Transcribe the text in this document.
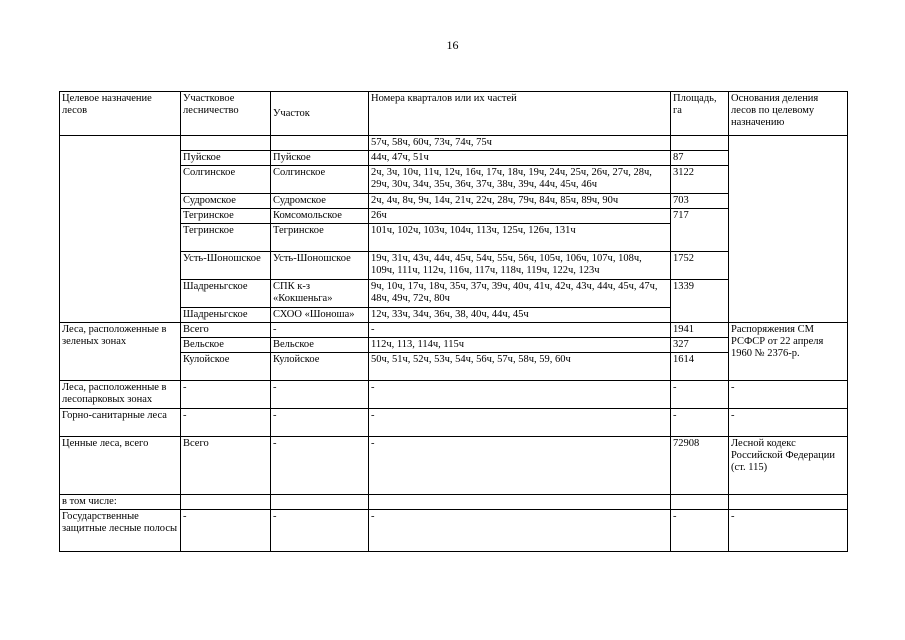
16
Целевое назначение лесов	Участковое лесничество	Участок	Номера кварталов или их частей	Площадь, га	Основания деления лесов по целевому назначению
			57ч, 58ч, 60ч, 73ч, 74ч, 75ч		
	Пуйское	Пуйское	44ч, 47ч, 51ч	87	
	Солгинское	Солгинское	2ч, 3ч, 10ч, 11ч, 12ч, 16ч, 17ч, 18ч, 19ч, 24ч, 25ч, 26ч, 27ч, 28ч, 29ч, 30ч, 34ч, 35ч, 36ч, 37ч, 38ч, 39ч, 44ч, 45ч, 46ч	3122	
	Судромское	Судромское	2ч, 4ч, 8ч, 9ч, 14ч, 21ч, 22ч, 28ч, 79ч, 84ч, 85ч, 89ч, 90ч	703	
	Тегринское	Комсомольское	26ч	717	
	Тегринское	Тегринское	101ч, 102ч, 103ч, 104ч, 113ч, 125ч, 126ч, 131ч		
	Усть-Шоношское	Усть-Шоношское	19ч, 31ч, 43ч, 44ч, 45ч, 54ч, 55ч, 56ч, 105ч, 106ч, 107ч, 108ч, 109ч, 111ч, 112ч, 116ч, 117ч, 118ч, 119ч, 122ч, 123ч	1752	
	Шадреньгское	СПК к-з «Кокшеньга»	9ч, 10ч, 17ч, 18ч, 35ч, 37ч, 39ч, 40ч, 41ч, 42ч, 43ч, 44ч, 45ч, 47ч, 48ч, 49ч, 72ч, 80ч	1339	
	Шадреньгское	СХОО «Шоноша»	12ч, 33ч, 34ч, 36ч, 38, 40ч, 44ч, 45ч		
Леса, расположенные в зеленых зонах	Всего	-	-	1941	Распоряжения СМ РСФСР от 22 апреля 1960 № 2376-р.
	Вельское	Вельское	112ч, 113, 114ч, 115ч	327	
	Кулойское	Кулойское	50ч, 51ч, 52ч, 53ч, 54ч, 56ч, 57ч, 58ч, 59, 60ч	1614	
Леса, расположенные в лесопарковых зонах	-	-	-	-	-
Горно-санитарные леса	-	-	-	-	-
Ценные леса, всего	Всего	-	-	72908	Лесной кодекс Российской Федерации
(ст. 115)
в том числе:					
Государственные защитные лесные полосы	-	-	-	-	-
